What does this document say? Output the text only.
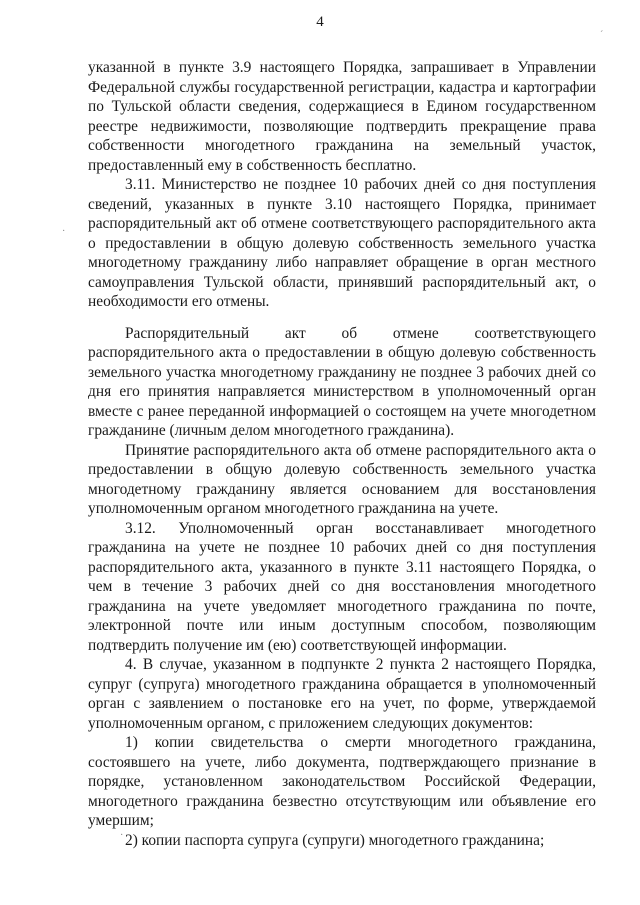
4
ˊ
·
·

указанной в пункте 3.9 настоящего Порядка, запрашивает в Управлении Федеральной службы государственной регистрации, кадастра и картографии по Тульской области сведения, содержащиеся в Едином государственном реестре недвижимости, позволяющие подтвердить прекращение права собственности многодетного гражданина на земельный участок, предоставленный ему в собственность бесплатно.

3.11. Министерство не позднее 10 рабочих дней со дня поступления сведений, указанных в пункте 3.10 настоящего Порядка, принимает распорядительный акт об отмене соответствующего распорядительного акта о предоставлении в общую долевую собственность земельного участка многодетному гражданину либо направляет обращение в орган местного самоуправления Тульской области, принявший распорядительный акт, о необходимости его отмены.

Распорядительный акт об отмене соответствующего распорядительного акта о предоставлении в общую долевую собственность земельного участка многодетному гражданину не позднее 3 рабочих дней со дня его принятия направляется министерством в уполномоченный орган вместе с ранее переданной информацией о состоящем на учете многодетном гражданине (личным делом многодетного гражданина).

Принятие распорядительного акта об отмене распорядительного акта о предоставлении в общую долевую собственность земельного участка многодетному гражданину является основанием для восстановления уполномоченным органом многодетного гражданина на учете.

3.12. Уполномоченный орган восстанавливает многодетного гражданина на учете не позднее 10 рабочих дней со дня поступления распорядительного акта, указанного в пункте 3.11 настоящего Порядка, о чем в течение 3 рабочих дней со дня восстановления многодетного гражданина на учете уведомляет многодетного гражданина по почте, электронной почте или иным доступным способом, позволяющим подтвердить получение им (ею) соответствующей информации.

4. В случае, указанном в подпункте 2 пункта 2 настоящего Порядка, супруг (супруга) многодетного гражданина обращается в уполномоченный орган с заявлением о постановке его на учет, по форме, утверждаемой уполномоченным органом, с приложением следующих документов:

1) копии свидетельства о смерти многодетного гражданина, состоявшего на учете, либо документа, подтверждающего признание в порядке, установленном законодательством Российской Федерации, многодетного гражданина безвестно отсутствующим или объявление его умершим;

2) копии паспорта супруга (супруги) многодетного гражданина;
